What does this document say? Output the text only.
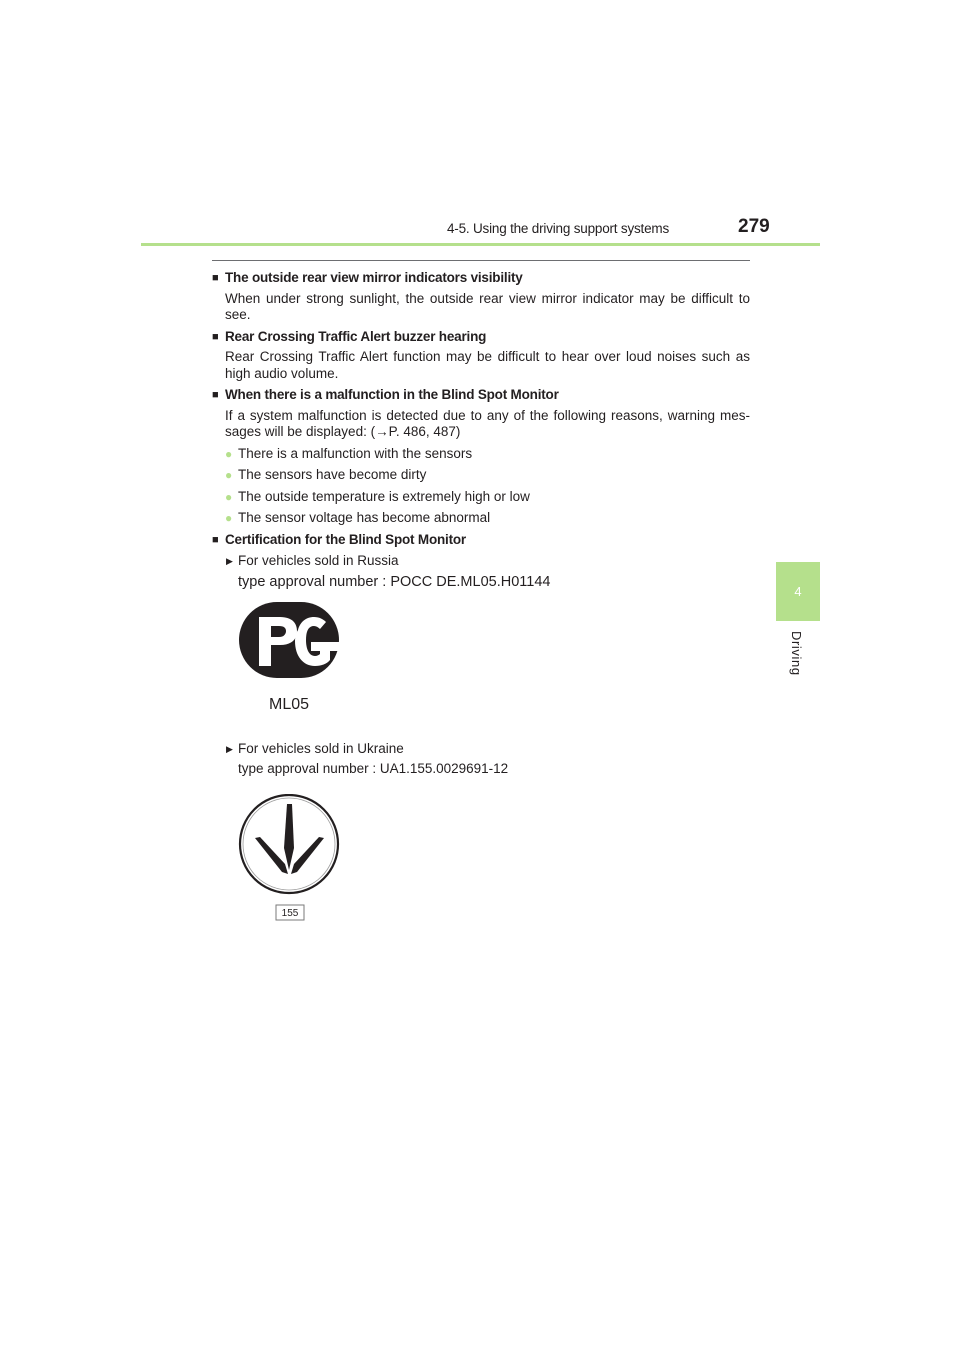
4-5. Using the driving support systems	279
4
Driving
■ The outside rear view mirror indicators visibility
When under strong sunlight, the outside rear view mirror indicator may be difficult to see.
■ Rear Crossing Traffic Alert buzzer hearing
Rear Crossing Traffic Alert function may be difficult to hear over loud noises such as high audio volume.
■ When there is a malfunction in the Blind Spot Monitor
If a system malfunction is detected due to any of the following reasons, warning mes-sages will be displayed: (→P. 486, 487)
● There is a malfunction with the sensors
● The sensors have become dirty
● The outside temperature is extremely high or low
● The sensor voltage has become abnormal
■ Certification for the Blind Spot Monitor
▶ For vehicles sold in Russia
type approval number : POCC DE.ML05.H01144
ML05
▶ For vehicles sold in Ukraine
type approval number : UA1.155.0029691-12
155
